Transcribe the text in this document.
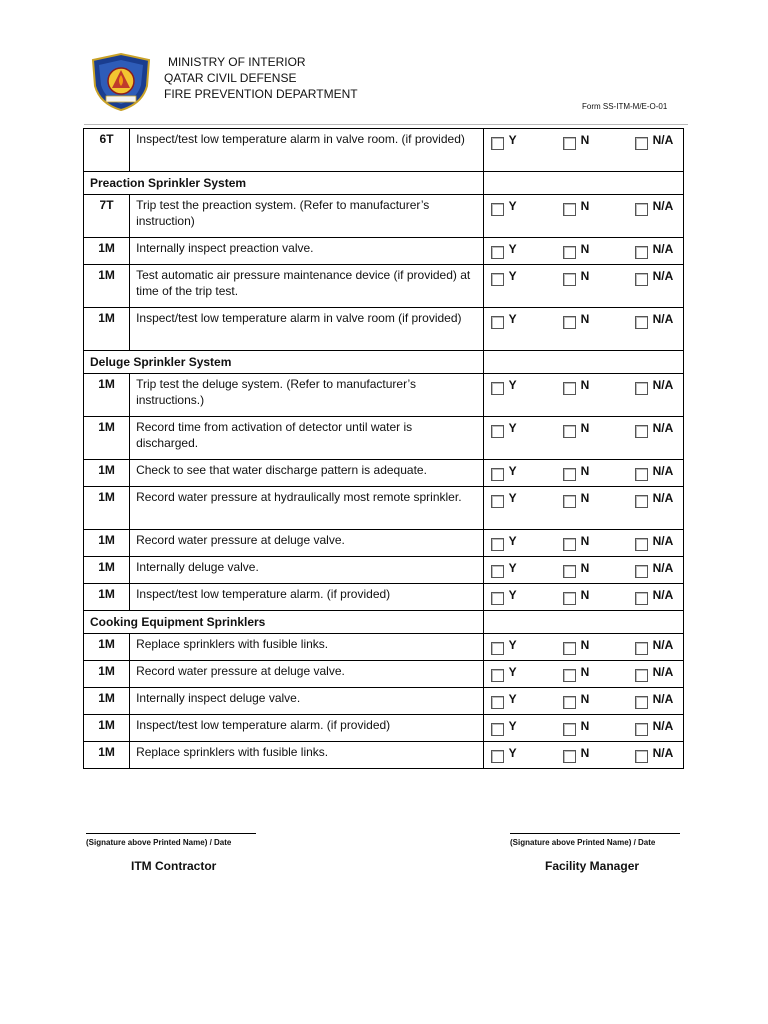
MINISTRY OF INTERIOR
QATAR CIVIL DEFENSE
FIRE PREVENTION DEPARTMENT
Form SS-ITM-M/E-O-01
6T	Inspect/test low temperature alarm in valve room. (if provided)	Y N N/A

Preaction Sprinkler System		
7T	Trip test the preaction system. (Refer to manufacturer’s instruction)	Y N N/A

1M	Internally inspect preaction valve.	Y N N/A

1M	Test automatic air pressure maintenance device (if provided) at time of the trip test.	Y N N/A

1M	Inspect/test low temperature alarm in valve room (if provided)	Y N N/A

Deluge Sprinkler System		
1M	Trip test the deluge system. (Refer to manufacturer’s instructions.)	Y N N/A

1M	Record time from activation of detector until water is discharged.	Y N N/A

1M	Check to see that water discharge pattern is adequate.	Y N N/A

1M	Record water pressure at hydraulically most remote sprinkler.	Y N N/A

1M	Record water pressure at deluge valve.	Y N N/A

1M	Internally deluge valve.	Y N N/A

1M	Inspect/test low temperature alarm. (if provided)	Y N N/A

Cooking Equipment Sprinklers		
1M	Replace sprinklers with fusible links.	Y N N/A

1M	Record water pressure at deluge valve.	Y N N/A

1M	Internally inspect deluge valve.	Y N N/A

1M	Inspect/test low temperature alarm. (if provided)	Y N N/A

1M	Replace sprinklers with fusible links.	Y N N/A
(Signature above Printed Name) / Date
ITM Contractor
(Signature above Printed Name) / Date
Facility Manager
